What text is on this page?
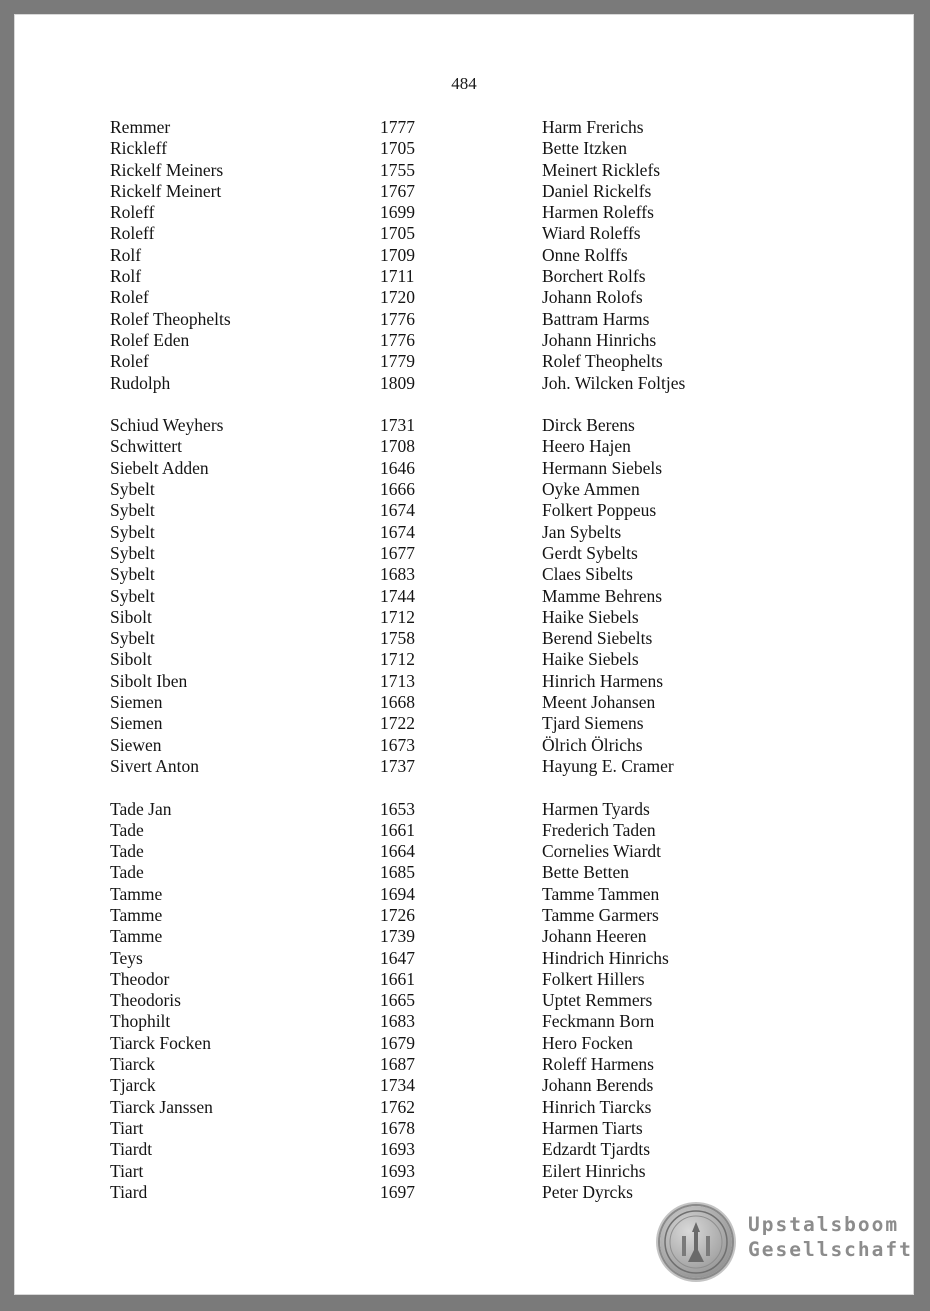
484
Remmer	1777	Harm Frerichs
Rickleff	1705	Bette Itzken
Rickelf Meiners	1755	Meinert Ricklefs
Rickelf Meinert	1767	Daniel Rickelfs
Roleff	1699	Harmen Roleffs
Roleff	1705	Wiard Roleffs
Rolf	1709	Onne Rolffs
Rolf	1711	Borchert Rolfs
Rolef	1720	Johann Rolofs
Rolef Theophelts	1776	Battram Harms
Rolef Eden	1776	Johann Hinrichs
Rolef	1779	Rolef Theophelts
Rudolph	1809	Joh. Wilcken Foltjes
Schiud Weyhers	1731	Dirck Berens
Schwittert	1708	Heero Hajen
Siebelt Adden	1646	Hermann Siebels
Sybelt	1666	Oyke Ammen
Sybelt	1674	Folkert Poppeus
Sybelt	1674	Jan Sybelts
Sybelt	1677	Gerdt Sybelts
Sybelt	1683	Claes Sibelts
Sybelt	1744	Mamme Behrens
Sibolt	1712	Haike Siebels
Sybelt	1758	Berend Siebelts
Sibolt	1712	Haike Siebels
Sibolt Iben	1713	Hinrich Harmens
Siemen	1668	Meent Johansen
Siemen	1722	Tjard Siemens
Siewen	1673	Ölrich Ölrichs
Sivert Anton	1737	Hayung E. Cramer
Tade Jan	1653	Harmen Tyards
Tade	1661	Frederich Taden
Tade	1664	Cornelies Wiardt
Tade	1685	Bette Betten
Tamme	1694	Tamme Tammen
Tamme	1726	Tamme Garmers
Tamme	1739	Johann Heeren
Teys	1647	Hindrich Hinrichs
Theodor	1661	Folkert Hillers
Theodoris	1665	Uptet Remmers
Thophilt	1683	Feckmann Born
Tiarck Focken	1679	Hero Focken
Tiarck	1687	Roleff Harmens
Tjarck	1734	Johann Berends
Tiarck Janssen	1762	Hinrich Tiarcks
Tiart	1678	Harmen Tiarts
Tiardt	1693	Edzardt Tjardts
Tiart	1693	Eilert Hinrichs
Tiard	1697	Peter Dyrcks
Upstalsboom
Gesellschaft
